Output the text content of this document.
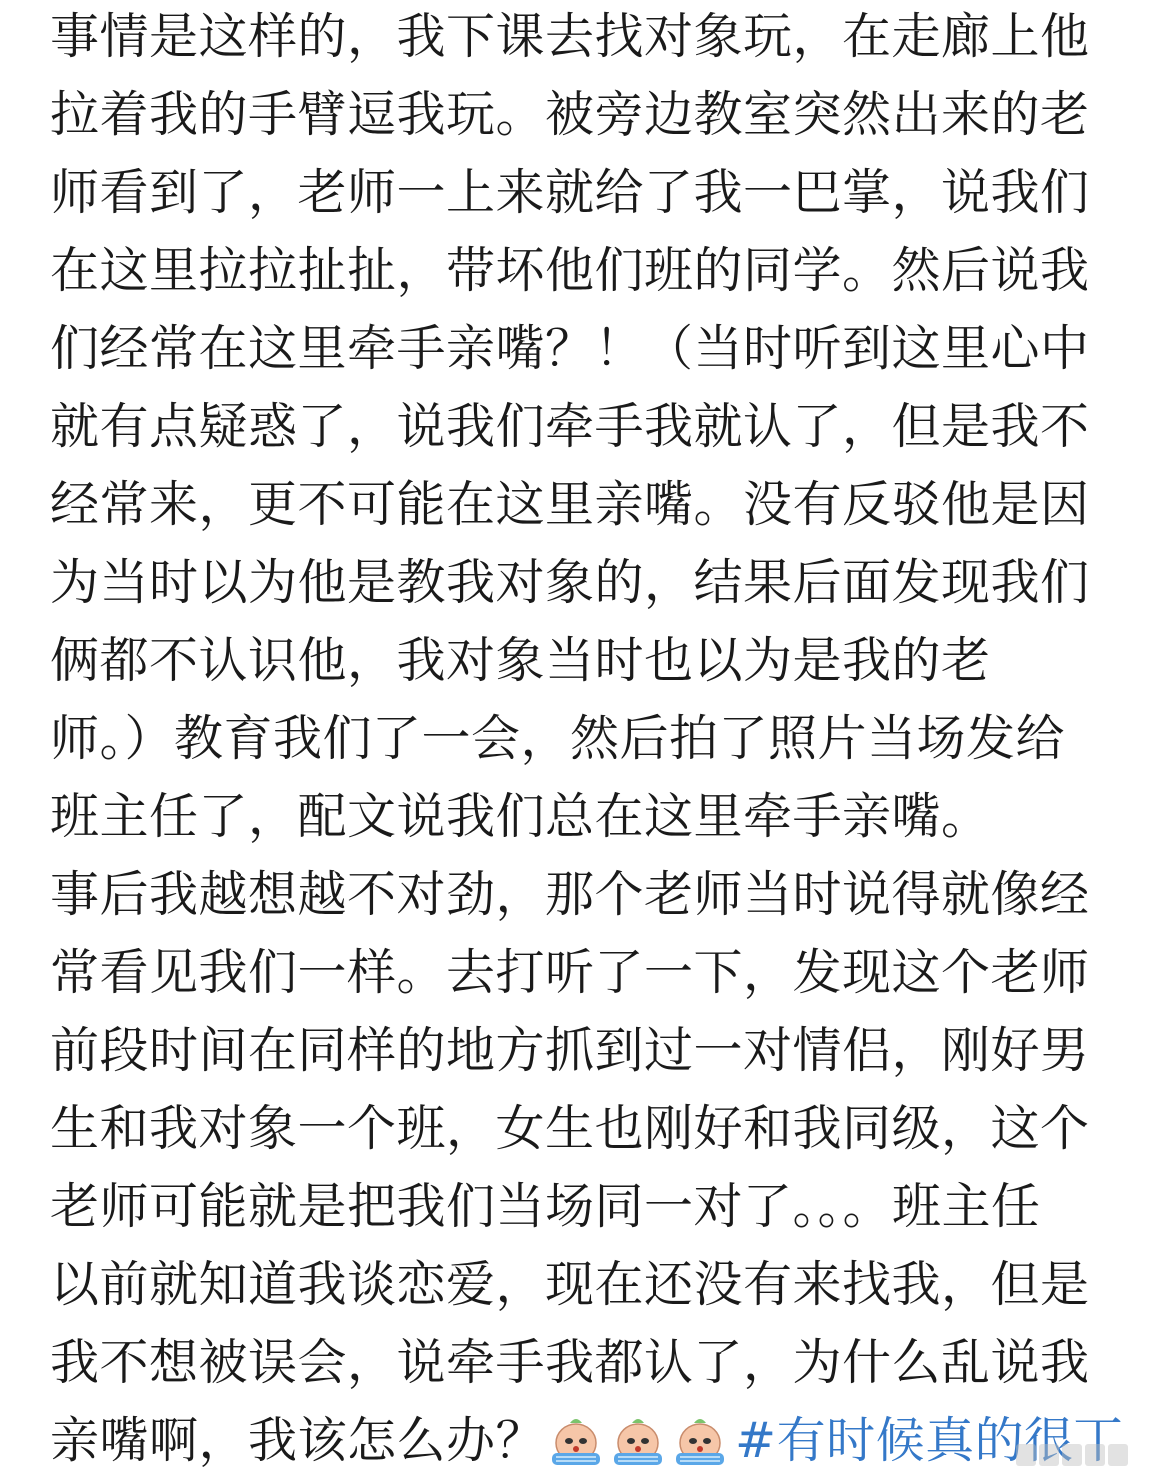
事情是这样的，我下课去找对象玩，在走廊上他
拉着我的手臂逗我玩。被旁边教室突然出来的老
师看到了，老师一上来就给了我一巴掌，说我们
在这里拉拉扯扯，带坏他们班的同学。然后说我
们经常在这里牵手亲嘴？！（当时听到这里心中
就有点疑惑了，说我们牵手我就认了，但是我不
经常来，更不可能在这里亲嘴。没有反驳他是因
为当时以为他是教我对象的，结果后面发现我们
俩都不认识他，我对象当时也以为是我的老
师。）教育我们了一会，然后拍了照片当场发给
班主任了，配文说我们总在这里牵手亲嘴。
事后我越想越不对劲，那个老师当时说得就像经
常看见我们一样。去打听了一下，发现这个老师
前段时间在同样的地方抓到过一对情侣，刚好男
生和我对象一个班，女生也刚好和我同级，这个
老师可能就是把我们当场同一对了。。。班主任
以前就知道我谈恋爱，现在还没有来找我，但是
我不想被误会，说牵手我都认了，为什么乱说我
亲嘴啊，我该怎么办？	#有时候真的很丅
